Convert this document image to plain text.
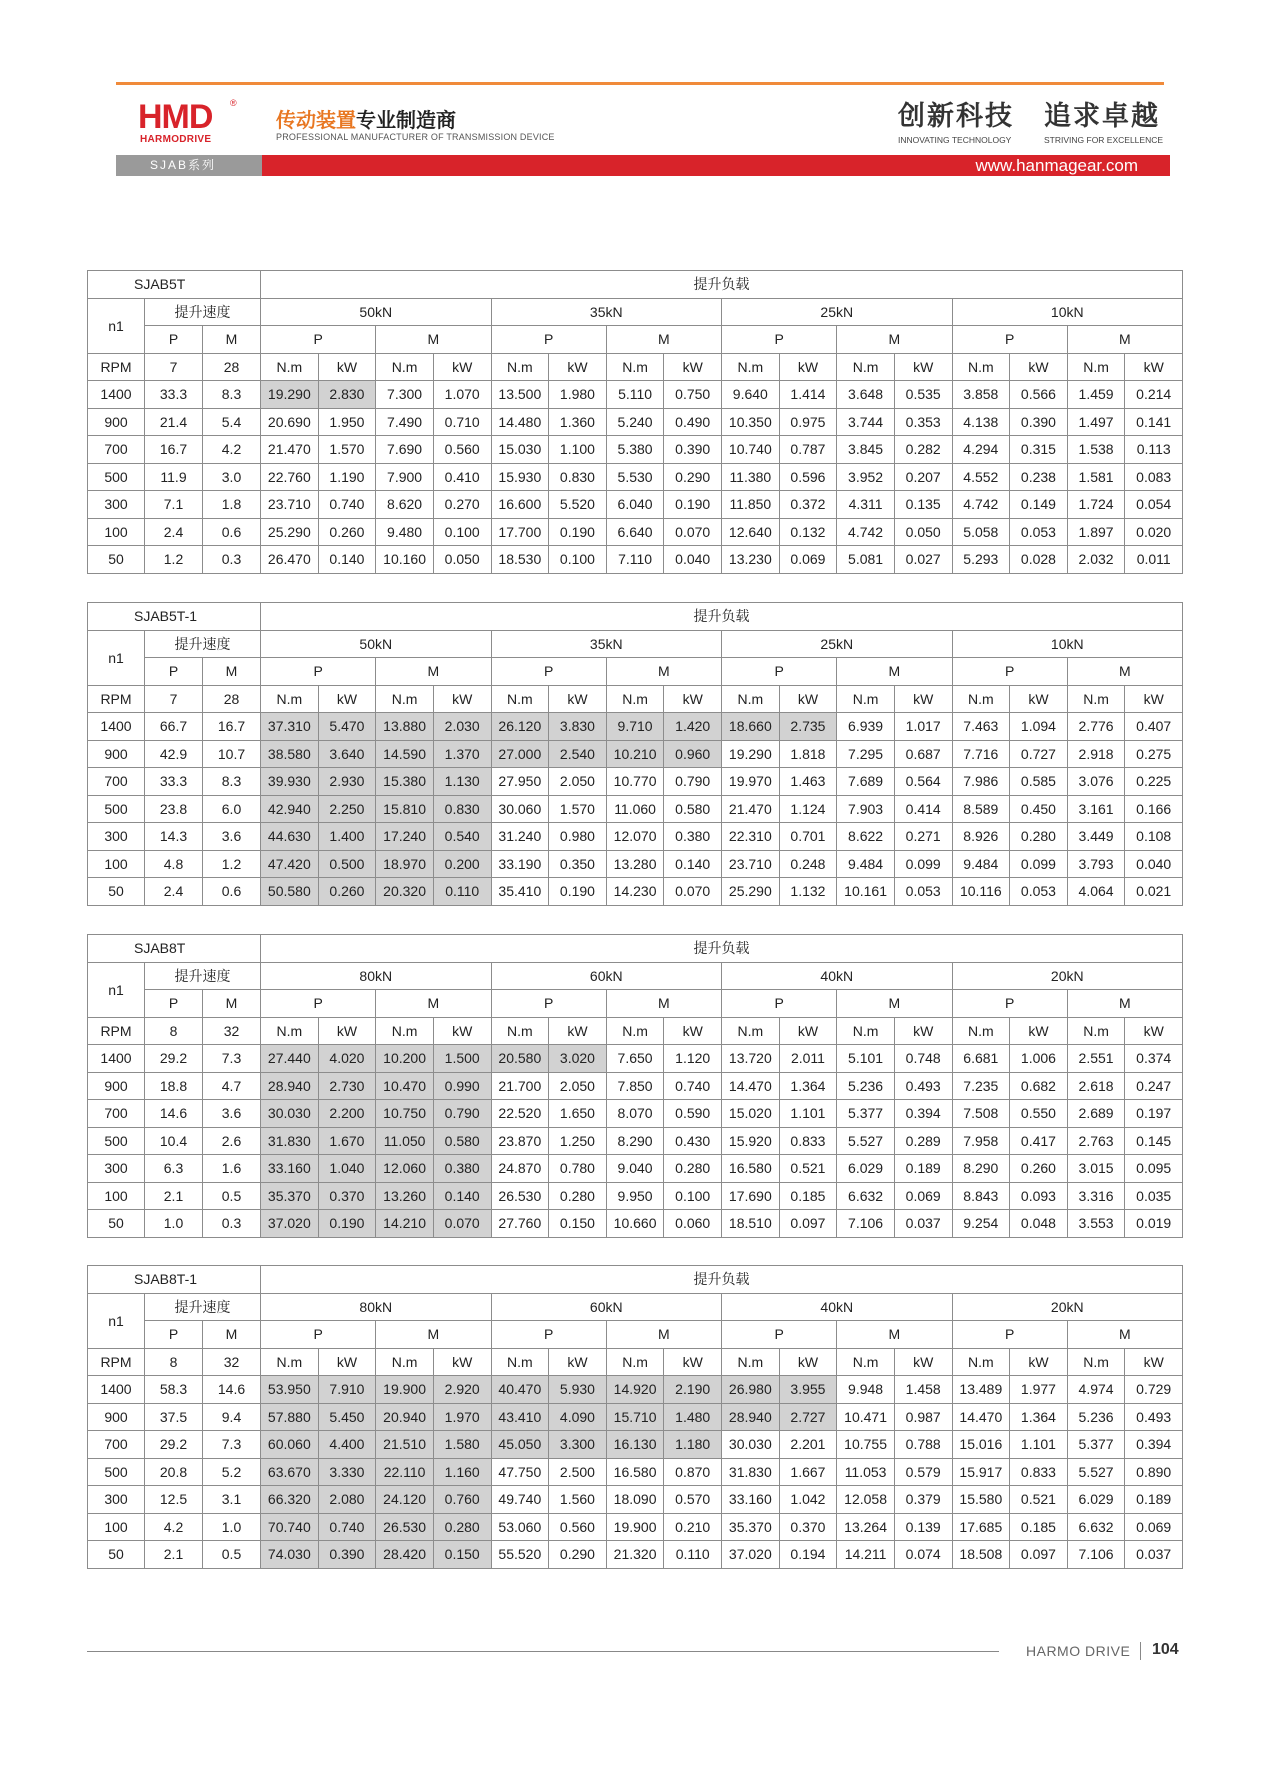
HMD ®
HARMODRIVE
传动装置专业制造商
PROFESSIONAL MANUFACTURER OF TRANSMISSION DEVICE
创新科技
INNOVATING TECHNOLOGY
追求卓越
STRIVING FOR EXCELLENCE
SJAB系列	www.hanmagear.com
SJAB5T			提升负载															
n1	提升速度		50kN				35kN				25kN				10kN			
	P	M	P		M		P		M		P		M		P		M	
RPM	7	28	N.m	kW	N.m	kW	N.m	kW	N.m	kW	N.m	kW	N.m	kW	N.m	kW	N.m	kW
1400	33.3	8.3	19.290	2.830	7.300	1.070	13.500	1.980	5.110	0.750	9.640	1.414	3.648	0.535	3.858	0.566	1.459	0.214
900	21.4	5.4	20.690	1.950	7.490	0.710	14.480	1.360	5.240	0.490	10.350	0.975	3.744	0.353	4.138	0.390	1.497	0.141
700	16.7	4.2	21.470	1.570	7.690	0.560	15.030	1.100	5.380	0.390	10.740	0.787	3.845	0.282	4.294	0.315	1.538	0.113
500	11.9	3.0	22.760	1.190	7.900	0.410	15.930	0.830	5.530	0.290	11.380	0.596	3.952	0.207	4.552	0.238	1.581	0.083
300	7.1	1.8	23.710	0.740	8.620	0.270	16.600	5.520	6.040	0.190	11.850	0.372	4.311	0.135	4.742	0.149	1.724	0.054
100	2.4	0.6	25.290	0.260	9.480	0.100	17.700	0.190	6.640	0.070	12.640	0.132	4.742	0.050	5.058	0.053	1.897	0.020
50	1.2	0.3	26.470	0.140	10.160	0.050	18.530	0.100	7.110	0.040	13.230	0.069	5.081	0.027	5.293	0.028	2.032	0.011
SJAB5T-1			提升负载															
n1	提升速度		50kN				35kN				25kN				10kN			
	P	M	P		M		P		M		P		M		P		M	
RPM	7	28	N.m	kW	N.m	kW	N.m	kW	N.m	kW	N.m	kW	N.m	kW	N.m	kW	N.m	kW
1400	66.7	16.7	37.310	5.470	13.880	2.030	26.120	3.830	9.710	1.420	18.660	2.735	6.939	1.017	7.463	1.094	2.776	0.407
900	42.9	10.7	38.580	3.640	14.590	1.370	27.000	2.540	10.210	0.960	19.290	1.818	7.295	0.687	7.716	0.727	2.918	0.275
700	33.3	8.3	39.930	2.930	15.380	1.130	27.950	2.050	10.770	0.790	19.970	1.463	7.689	0.564	7.986	0.585	3.076	0.225
500	23.8	6.0	42.940	2.250	15.810	0.830	30.060	1.570	11.060	0.580	21.470	1.124	7.903	0.414	8.589	0.450	3.161	0.166
300	14.3	3.6	44.630	1.400	17.240	0.540	31.240	0.980	12.070	0.380	22.310	0.701	8.622	0.271	8.926	0.280	3.449	0.108
100	4.8	1.2	47.420	0.500	18.970	0.200	33.190	0.350	13.280	0.140	23.710	0.248	9.484	0.099	9.484	0.099	3.793	0.040
50	2.4	0.6	50.580	0.260	20.320	0.110	35.410	0.190	14.230	0.070	25.290	1.132	10.161	0.053	10.116	0.053	4.064	0.021
SJAB8T			提升负载															
n1	提升速度		80kN				60kN				40kN				20kN			
	P	M	P		M		P		M		P		M		P		M	
RPM	8	32	N.m	kW	N.m	kW	N.m	kW	N.m	kW	N.m	kW	N.m	kW	N.m	kW	N.m	kW
1400	29.2	7.3	27.440	4.020	10.200	1.500	20.580	3.020	7.650	1.120	13.720	2.011	5.101	0.748	6.681	1.006	2.551	0.374
900	18.8	4.7	28.940	2.730	10.470	0.990	21.700	2.050	7.850	0.740	14.470	1.364	5.236	0.493	7.235	0.682	2.618	0.247
700	14.6	3.6	30.030	2.200	10.750	0.790	22.520	1.650	8.070	0.590	15.020	1.101	5.377	0.394	7.508	0.550	2.689	0.197
500	10.4	2.6	31.830	1.670	11.050	0.580	23.870	1.250	8.290	0.430	15.920	0.833	5.527	0.289	7.958	0.417	2.763	0.145
300	6.3	1.6	33.160	1.040	12.060	0.380	24.870	0.780	9.040	0.280	16.580	0.521	6.029	0.189	8.290	0.260	3.015	0.095
100	2.1	0.5	35.370	0.370	13.260	0.140	26.530	0.280	9.950	0.100	17.690	0.185	6.632	0.069	8.843	0.093	3.316	0.035
50	1.0	0.3	37.020	0.190	14.210	0.070	27.760	0.150	10.660	0.060	18.510	0.097	7.106	0.037	9.254	0.048	3.553	0.019
SJAB8T-1			提升负载															
n1	提升速度		80kN				60kN				40kN				20kN			
	P	M	P		M		P		M		P		M		P		M	
RPM	8	32	N.m	kW	N.m	kW	N.m	kW	N.m	kW	N.m	kW	N.m	kW	N.m	kW	N.m	kW
1400	58.3	14.6	53.950	7.910	19.900	2.920	40.470	5.930	14.920	2.190	26.980	3.955	9.948	1.458	13.489	1.977	4.974	0.729
900	37.5	9.4	57.880	5.450	20.940	1.970	43.410	4.090	15.710	1.480	28.940	2.727	10.471	0.987	14.470	1.364	5.236	0.493
700	29.2	7.3	60.060	4.400	21.510	1.580	45.050	3.300	16.130	1.180	30.030	2.201	10.755	0.788	15.016	1.101	5.377	0.394
500	20.8	5.2	63.670	3.330	22.110	1.160	47.750	2.500	16.580	0.870	31.830	1.667	11.053	0.579	15.917	0.833	5.527	0.890
300	12.5	3.1	66.320	2.080	24.120	0.760	49.740	1.560	18.090	0.570	33.160	1.042	12.058	0.379	15.580	0.521	6.029	0.189
100	4.2	1.0	70.740	0.740	26.530	0.280	53.060	0.560	19.900	0.210	35.370	0.370	13.264	0.139	17.685	0.185	6.632	0.069
50	2.1	0.5	74.030	0.390	28.420	0.150	55.520	0.290	21.320	0.110	37.020	0.194	14.211	0.074	18.508	0.097	7.106	0.037
HARMO DRIVE 104
